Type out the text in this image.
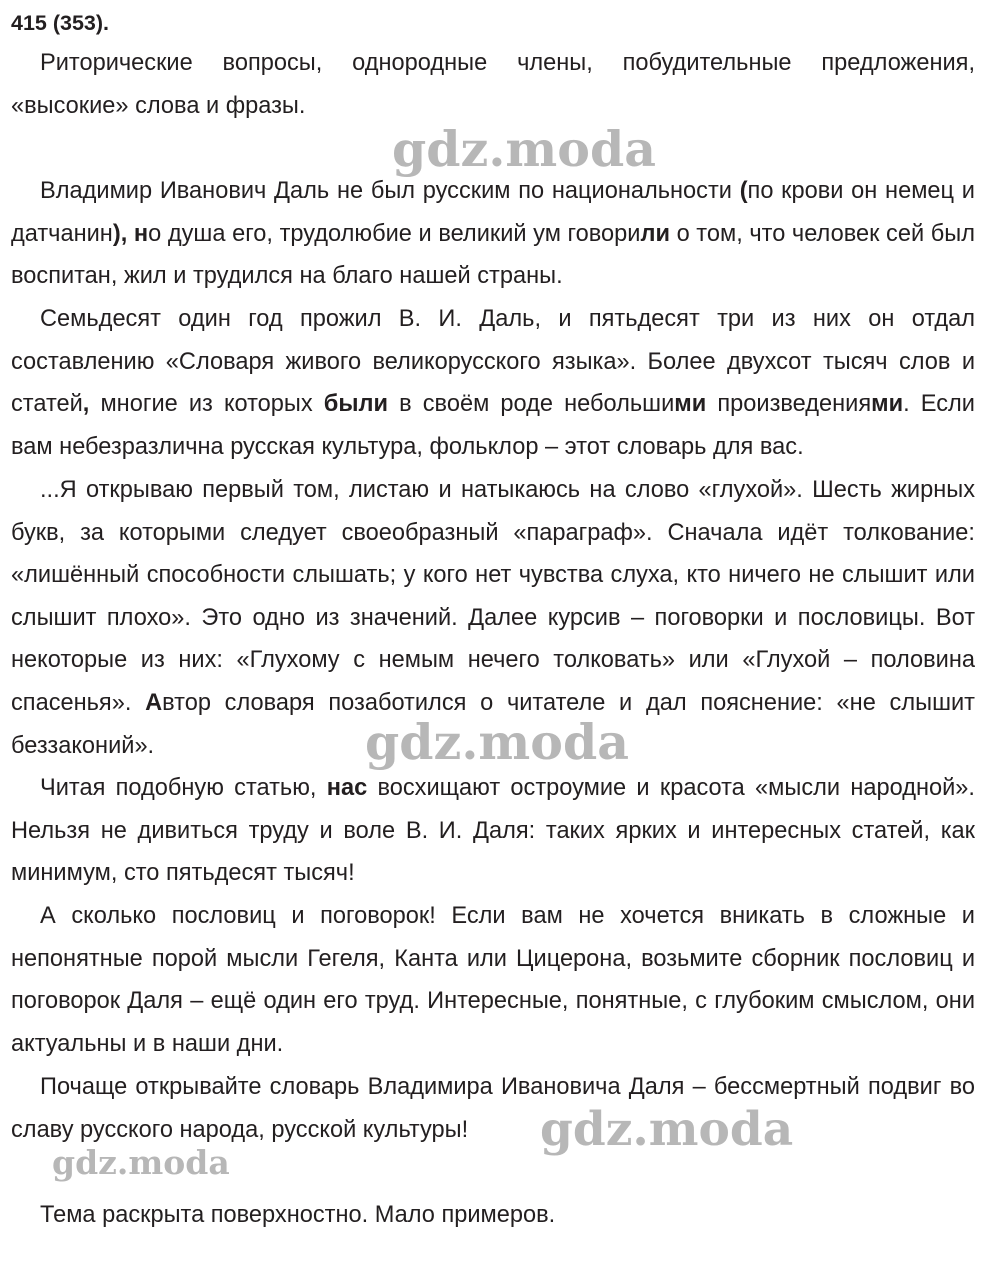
415 (353).

Риторические вопросы, однородные члены, побудительные предложения, «высокие» слова и фразы.

Владимир Иванович Даль не был русским по национальности (по крови он немец и датчанин), но душа его, трудолюбие и великий ум говорили о том, что человек сей был воспитан, жил и трудился на благо нашей страны.

Семьдесят один год прожил В. И. Даль, и пятьдесят три из них он отдал составлению «Словаря живого великорусского языка». Более двухсот тысяч слов и статей, многие из которых были в своём роде небольшими произведениями. Если вам небезразлична русская культура, фольклор – этот словарь для вас.

...Я открываю первый том, листаю и натыкаюсь на слово «глухой». Шесть жирных букв, за которыми следует своеобразный «параграф». Сначала идёт толкование: «лишённый способности слышать; у кого нет чувства слуха, кто ничего не слышит или слышит плохо». Это одно из значений. Далее курсив – поговорки и пословицы. Вот некоторые из них: «Глухому с немым нечего толковать» или «Глухой – половина спасенья». Автор словаря позаботился о читателе и дал пояснение: «не слышит беззаконий».

Читая подобную статью, нас восхищают остроумие и красота «мысли народной». Нельзя не дивиться труду и воле В. И. Даля: таких ярких и интересных статей, как минимум, сто пятьдесят тысяч!

А сколько пословиц и поговорок! Если вам не хочется вникать в сложные и непонятные порой мысли Гегеля, Канта или Цицерона, возьмите сборник пословиц и поговорок Даля – ещё один его труд. Интересные, понятные, с глубоким смыслом, они актуальны и в наши дни.

Почаще открывайте словарь Владимира Ивановича Даля – бессмертный подвиг во славу русского народа, русской культуры!

Тема раскрыта поверхностно. Мало примеров.

gdz.moda
gdz.moda
gdz.moda
gdz.moda
